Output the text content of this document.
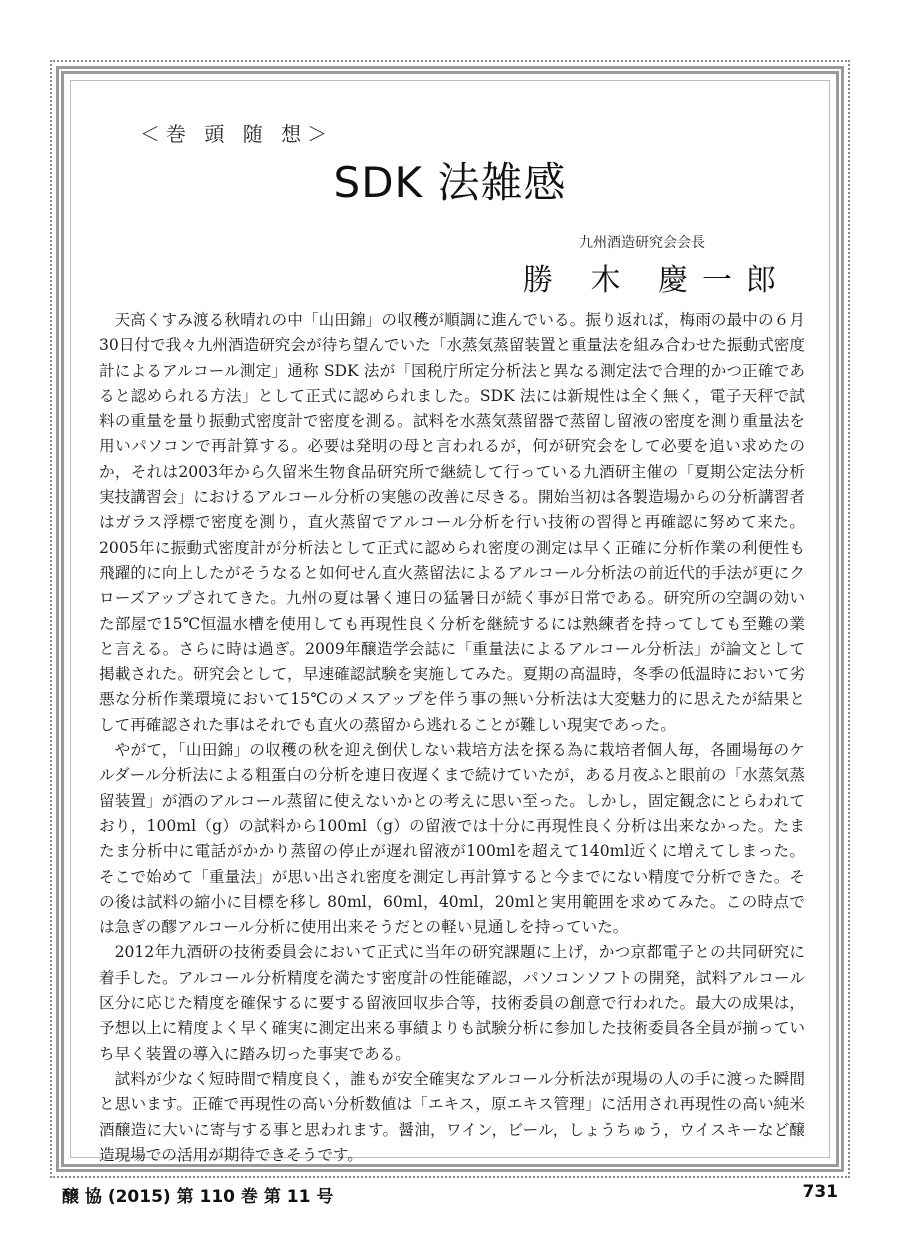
＜巻 頭 随 想＞
SDK 法雑感
九州酒造研究会会長
勝 木 慶一郎

天高くすみ渡る秋晴れの中「山田錦」の収穫が順調に進んでいる。振り返れば，梅雨の最中の６月30日付で我々九州酒造研究会が待ち望んでいた「水蒸気蒸留装置と重量法を組み合わせた振動式密度計によるアルコール測定」通称 SDK 法が「国税庁所定分析法と異なる測定法で合理的かつ正確であると認められる方法」として正式に認められました。SDK 法には新規性は全く無く，電子天秤で試料の重量を量り振動式密度計で密度を測る。試料を水蒸気蒸留器で蒸留し留液の密度を測り重量法を用いパソコンで再計算する。必要は発明の母と言われるが，何が研究会をして必要を追い求めたのか，それは2003年から久留米生物食品研究所で継続して行っている九酒研主催の「夏期公定法分析実技講習会」におけるアルコール分析の実態の改善に尽きる。開始当初は各製造場からの分析講習者はガラス浮標で密度を測り，直火蒸留でアルコール分析を行い技術の習得と再確認に努めて来た。2005年に振動式密度計が分析法として正式に認められ密度の測定は早く正確に分析作業の利便性も飛躍的に向上したがそうなると如何せん直火蒸留法によるアルコール分析法の前近代的手法が更にクローズアップされてきた。九州の夏は暑く連日の猛暑日が続く事が日常である。研究所の空調の効いた部屋で15℃恒温水槽を使用しても再現性良く分析を継続するには熟練者を持ってしても至難の業と言える。さらに時は過ぎ。2009年醸造学会誌に「重量法によるアルコール分析法」が論文として掲載された。研究会として，早速確認試験を実施してみた。夏期の高温時，冬季の低温時において劣悪な分析作業環境において15℃のメスアップを伴う事の無い分析法は大変魅力的に思えたが結果として再確認された事はそれでも直火の蒸留から逃れることが難しい現実であった。

やがて，「山田錦」の収穫の秋を迎え倒伏しない栽培方法を探る為に栽培者個人毎，各圃場毎のケルダール分析法による粗蛋白の分析を連日夜遅くまで続けていたが，ある月夜ふと眼前の「水蒸気蒸留装置」が酒のアルコール蒸留に使えないかとの考えに思い至った。しかし，固定観念にとらわれており，100ml（g）の試料から100ml（g）の留液では十分に再現性良く分析は出来なかった。たまたま分析中に電話がかかり蒸留の停止が遅れ留液が100mlを超えて140ml近くに増えてしまった。そこで始めて「重量法」が思い出され密度を測定し再計算すると今までにない精度で分析できた。その後は試料の縮小に目標を移し 80ml，60ml，40ml，20mlと実用範囲を求めてみた。この時点では急ぎの醪アルコール分析に使用出来そうだとの軽い見通しを持っていた。

2012年九酒研の技術委員会において正式に当年の研究課題に上げ，かつ京都電子との共同研究に着手した。アルコール分析精度を満たす密度計の性能確認，パソコンソフトの開発，試料アルコール区分に応じた精度を確保するに要する留液回収歩合等，技術委員の創意で行われた。最大の成果は，予想以上に精度よく早く確実に測定出来る事績よりも試験分析に参加した技術委員各全員が揃っていち早く装置の導入に踏み切った事実である。

試料が少なく短時間で精度良く，誰もが安全確実なアルコール分析法が現場の人の手に渡った瞬間と思います。正確で再現性の高い分析数値は「エキス，原エキス管理」に活用され再現性の高い純米酒醸造に大いに寄与する事と思われます。醤油，ワイン，ビール，しょうちゅう，ウイスキーなど醸造現場での活用が期待できそうです。

醸 協 (2015) 第 110 巻 第 11 号	731
